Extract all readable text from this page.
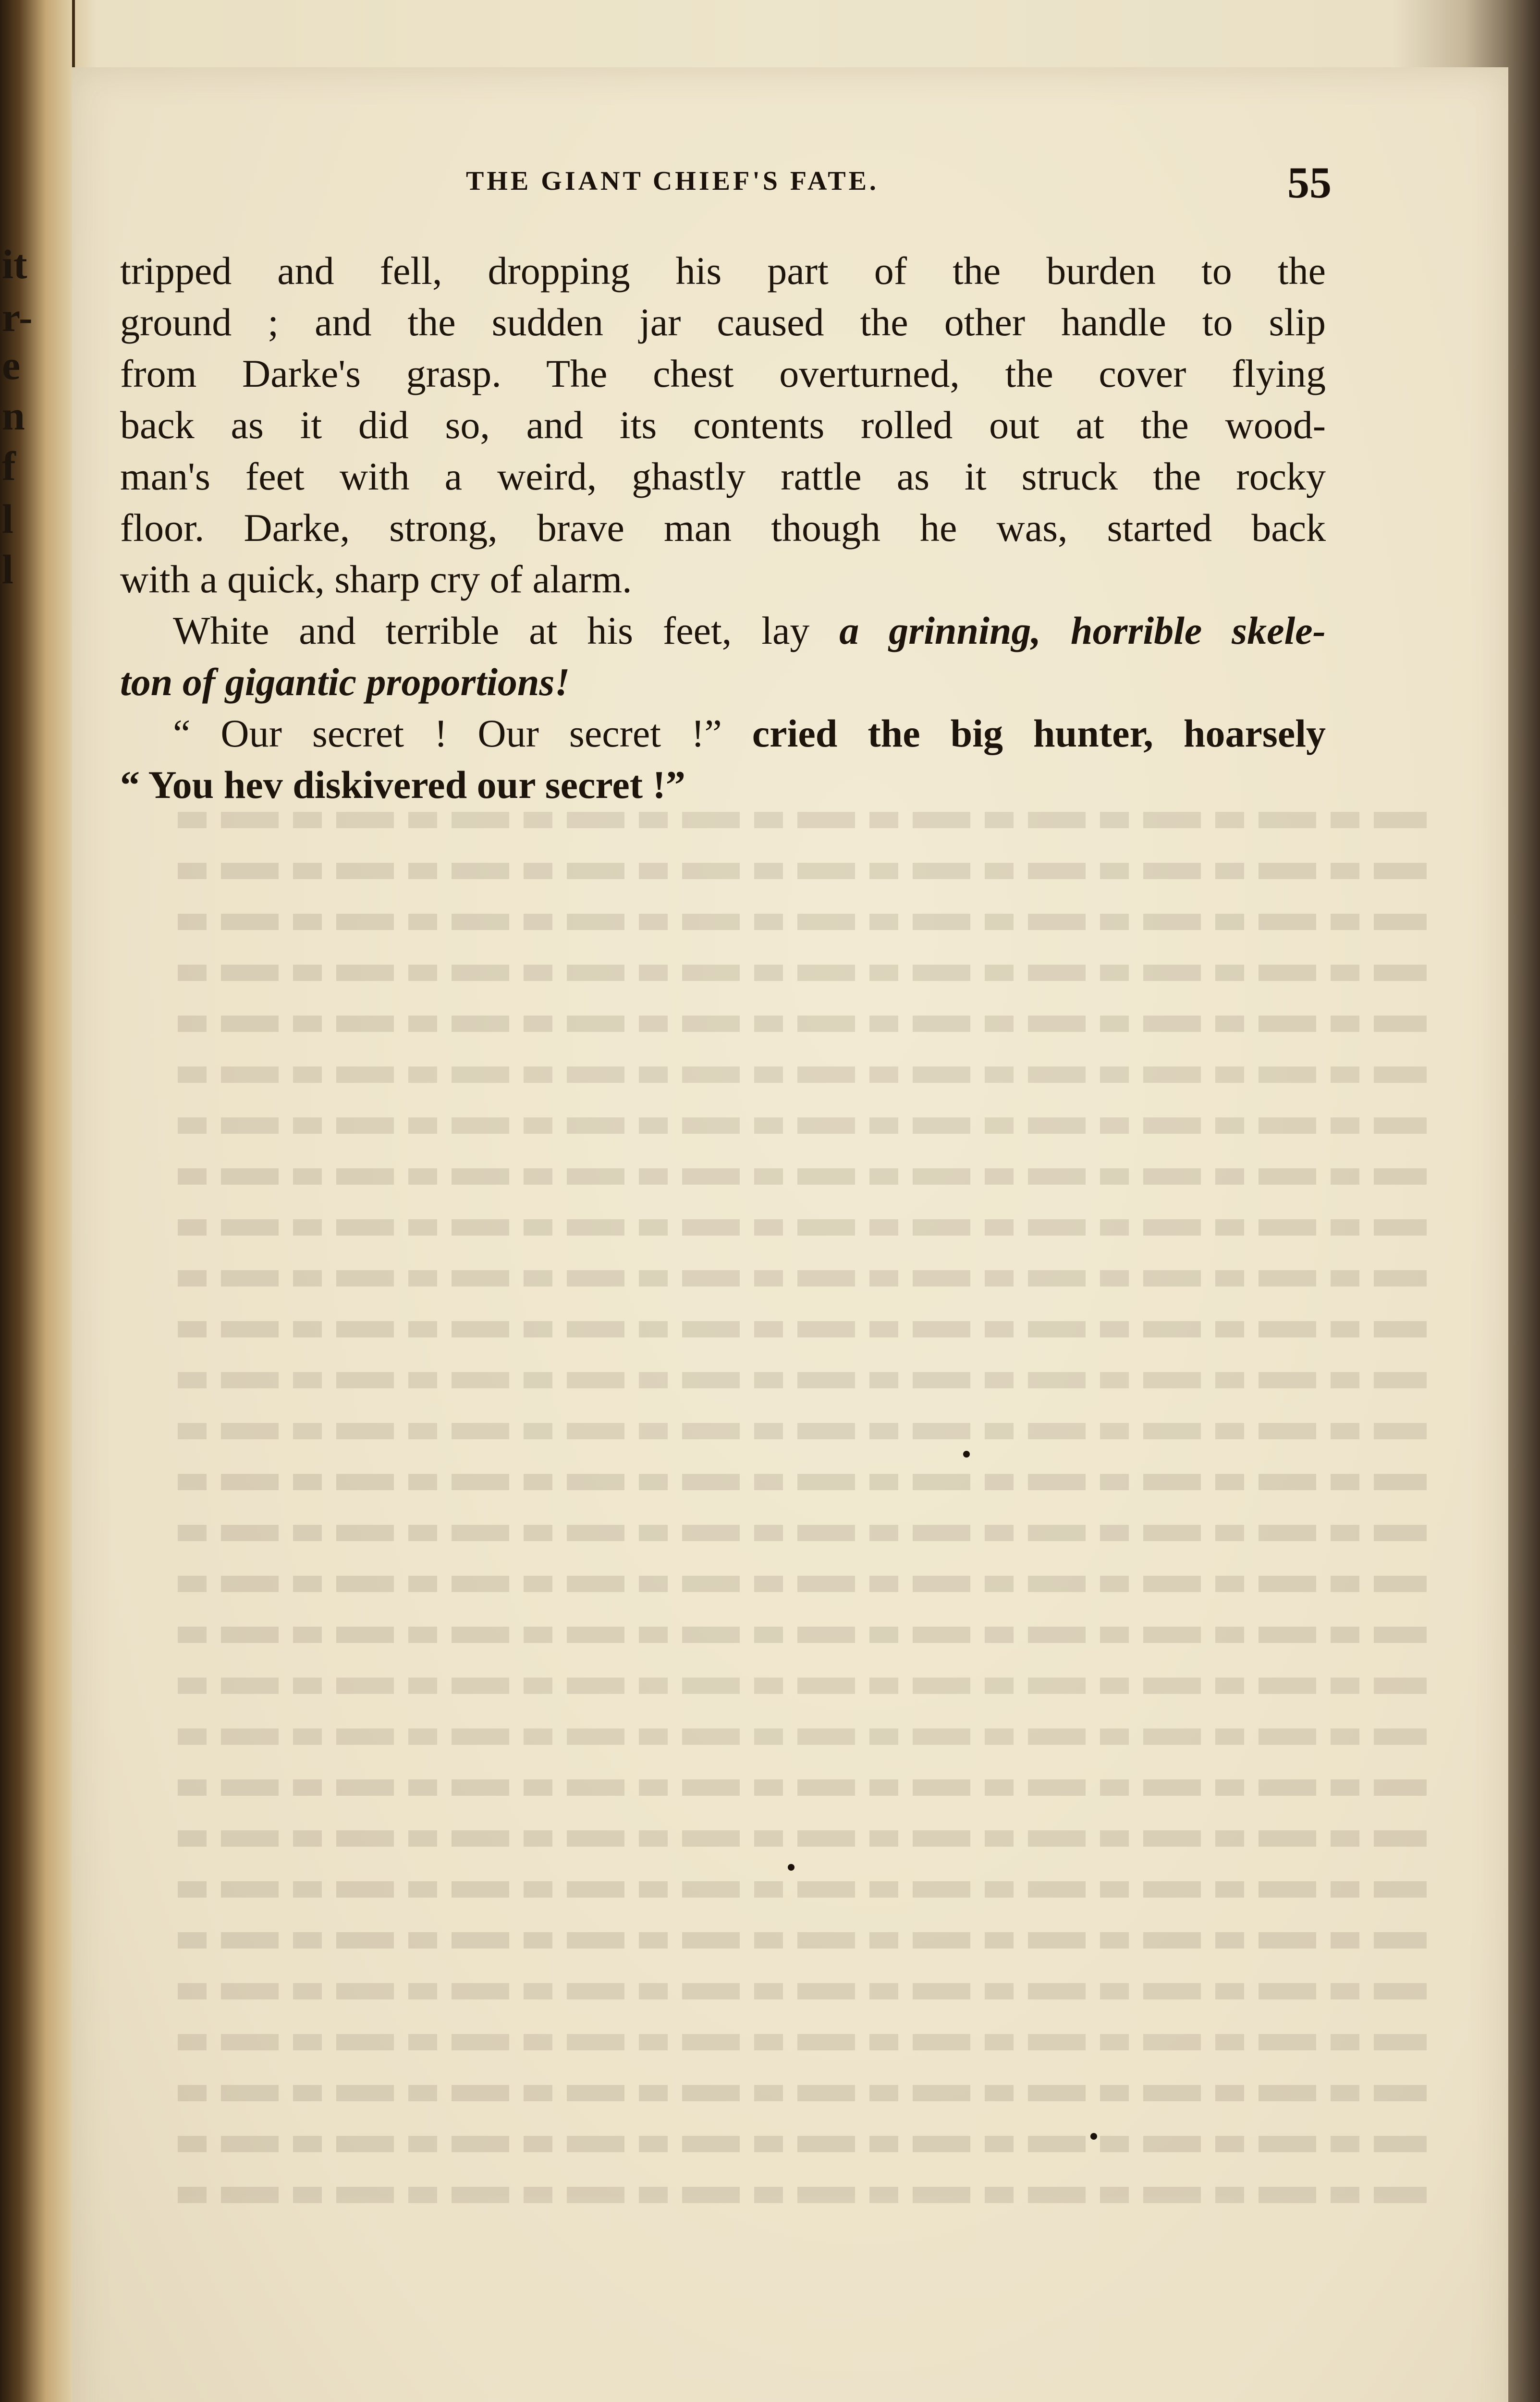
it
r-
e
n
f
l
l
THE GIANT CHIEF'S FATE.	55
tripped and fell, dropping his part of the burden to the
ground ; and the sudden jar caused the other handle to slip
from Darke's grasp. The chest overturned, the cover flying
back as it did so, and its contents rolled out at the wood-
man's feet with a weird, ghastly rattle as it struck the rocky
floor. Darke, strong, brave man though he was, started back
with a quick, sharp cry of alarm.
White and terrible at his feet, lay a grinning, horrible skele-
ton of gigantic proportions!
“ Our secret ! Our secret !” cried the big hunter, hoarsely
“ You hev diskivered our secret !”
